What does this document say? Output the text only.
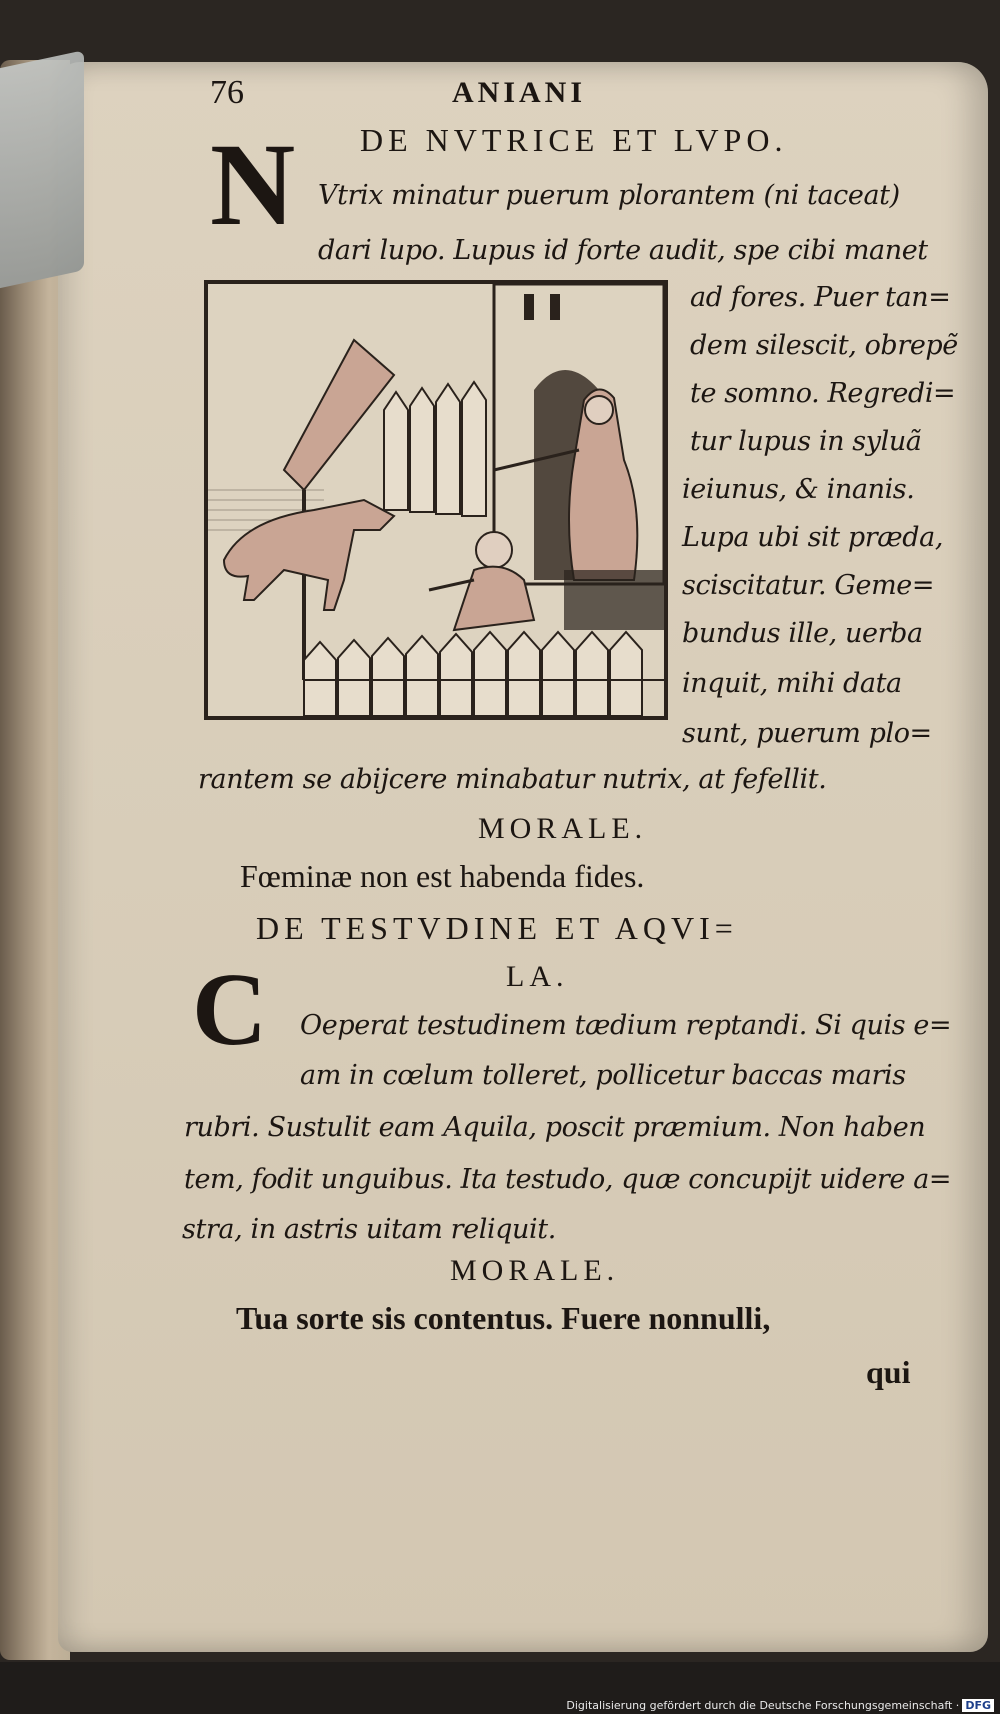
76	ANIANI
DE NVTRICE ET LVPO.
N Vtrix minatur puerum plorantem (ni taceat)
dari lupo. Lupus id forte audit, spe cibi manet
ad fores. Puer tan=
dem silescit, obrepẽ
te somno. Regredi=
tur lupus in syluã
ieiunus, & inanis.
Lupa ubi sit præda,
sciscitatur. Geme=
bundus ille, uerba
inquit, mihi data
sunt, puerum plo=
rantem se abijcere minabatur nutrix, at fefellit.
MORALE.
Fœminæ non est habenda fides.
DE TESTVDINE ET AQVI=
LA.
C Oeperat testudinem tædium reptandi. Si quis e=
am in cœlum tolleret, pollicetur baccas maris
rubri. Sustulit eam Aquila, poscit præmium. Non haben
tem, fodit unguibus. Ita testudo, quæ concupijt uidere a=
stra, in astris uitam reliquit.
MORALE.
Tua sorte sis contentus. Fuere nonnulli,
qui
Digitalisierung gefördert durch die Deutsche Forschungsgemeinschaft · DFG
